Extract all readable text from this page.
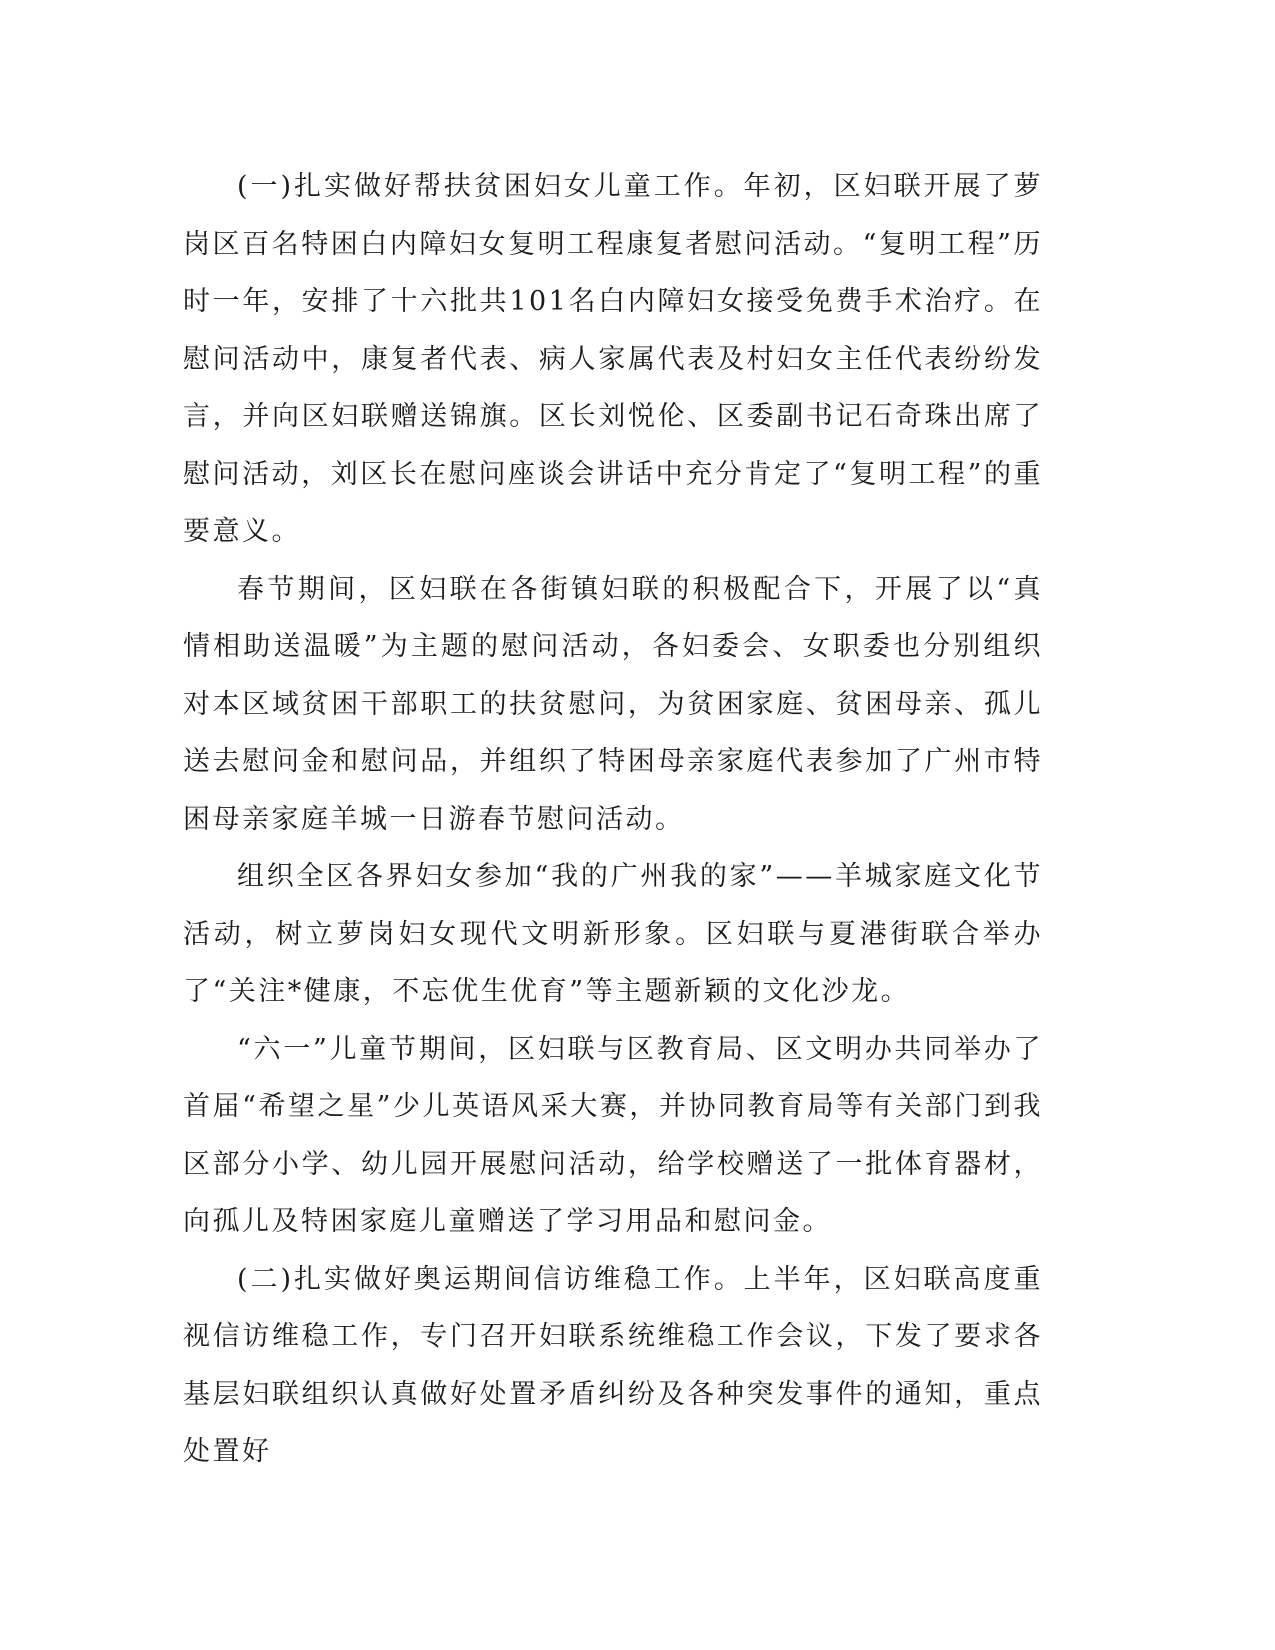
(一)扎实做好帮扶贫困妇女儿童工作。年初，区妇联开展了萝岗区百名特困白内障妇女复明工程康复者慰问活动。“复明工程”历时一年，安排了十六批共101名白内障妇女接受免费手术治疗。在慰问活动中，康复者代表、病人家属代表及村妇女主任代表纷纷发言，并向区妇联赠送锦旗。区长刘悦伦、区委副书记石奇珠出席了慰问活动，刘区长在慰问座谈会讲话中充分肯定了“复明工程”的重要意义。

春节期间，区妇联在各街镇妇联的积极配合下，开展了以“真情相助送温暖”为主题的慰问活动，各妇委会、女职委也分别组织对本区域贫困干部职工的扶贫慰问，为贫困家庭、贫困母亲、孤儿送去慰问金和慰问品，并组织了特困母亲家庭代表参加了广州市特困母亲家庭羊城一日游春节慰问活动。

组织全区各界妇女参加“我的广州我的家”——羊城家庭文化节活动，树立萝岗妇女现代文明新形象。区妇联与夏港街联合举办了“关注*健康，不忘优生优育”等主题新颖的文化沙龙。

“六一”儿童节期间，区妇联与区教育局、区文明办共同举办了首届“希望之星”少儿英语风采大赛，并协同教育局等有关部门到我区部分小学、幼儿园开展慰问活动，给学校赠送了一批体育器材，向孤儿及特困家庭儿童赠送了学习用品和慰问金。

(二)扎实做好奥运期间信访维稳工作。上半年，区妇联高度重视信访维稳工作，专门召开妇联系统维稳工作会议，下发了要求各基层妇联组织认真做好处置矛盾纠纷及各种突发事件的通知，重点处置好
